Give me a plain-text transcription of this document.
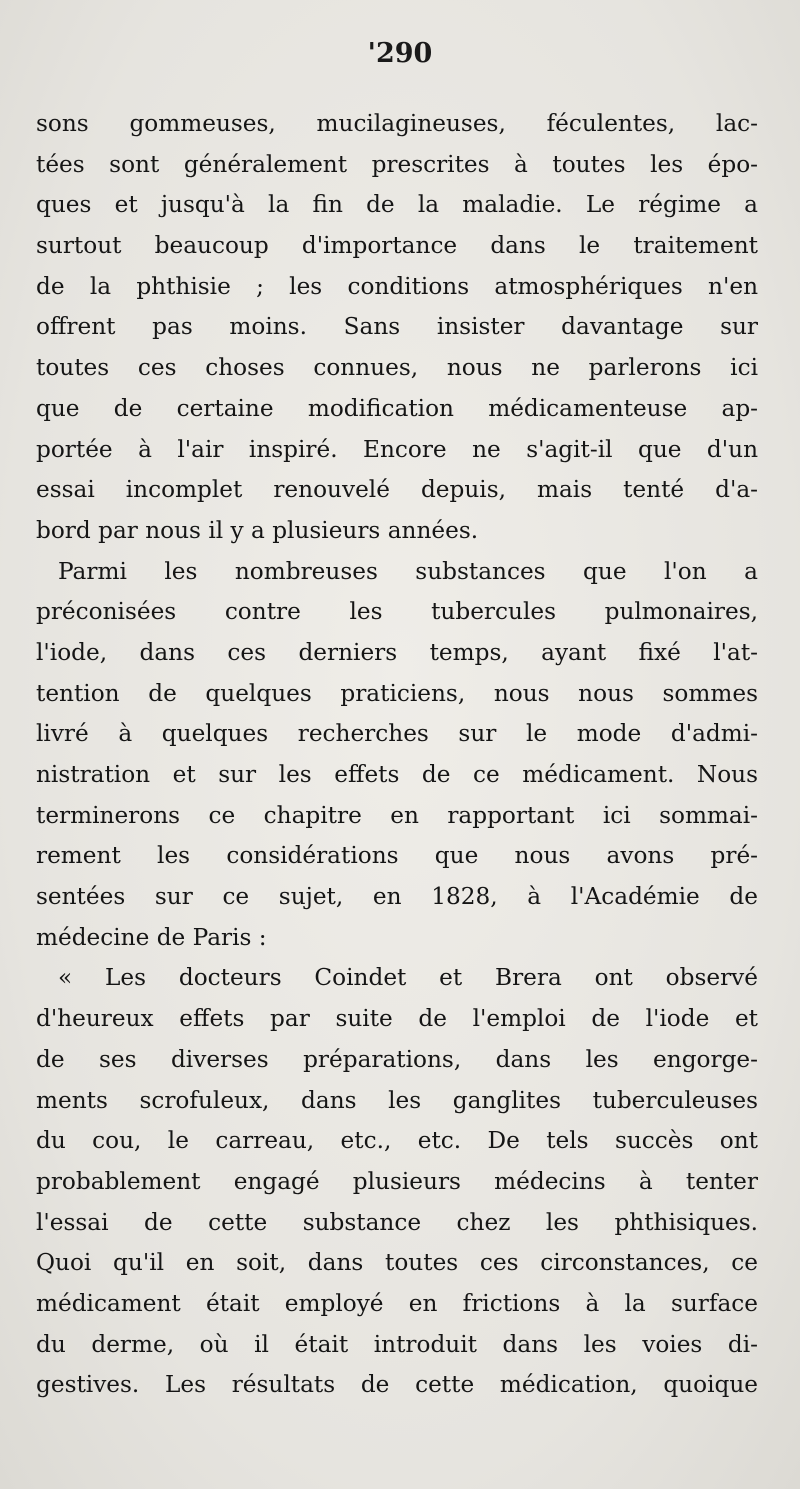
'290
sons gommeuses, mucilagineuses, féculentes, lac-
tées sont généralement prescrites à toutes les épo-
ques et jusqu'à la fin de la maladie. Le régime a
surtout beaucoup d'importance dans le traitement
de la phthisie ; les conditions atmosphériques n'en
offrent pas moins. Sans insister davantage sur
toutes ces choses connues, nous ne parlerons ici
que de certaine modification médicamenteuse ap-
portée à l'air inspiré. Encore ne s'agit-il que d'un
essai incomplet renouvelé depuis, mais tenté d'a-
bord par nous il y a plusieurs années.
Parmi les nombreuses substances que l'on a
préconisées contre les tubercules pulmonaires,
l'iode, dans ces derniers temps, ayant fixé l'at-
tention de quelques praticiens, nous nous sommes
livré à quelques recherches sur le mode d'admi-
nistration et sur les effets de ce médicament. Nous
terminerons ce chapitre en rapportant ici sommai-
rement les considérations que nous avons pré-
sentées sur ce sujet, en 1828, à l'Académie de
médecine de Paris :
« Les docteurs Coindet et Brera ont observé
d'heureux effets par suite de l'emploi de l'iode et
de ses diverses préparations, dans les engorge-
ments scrofuleux, dans les ganglites tuberculeuses
du cou, le carreau, etc., etc. De tels succès ont
probablement engagé plusieurs médecins à tenter
l'essai de cette substance chez les phthisiques.
Quoi qu'il en soit, dans toutes ces circonstances, ce
médicament était employé en frictions à la surface
du derme, où il était introduit dans les voies di-
gestives. Les résultats de cette médication, quoique
